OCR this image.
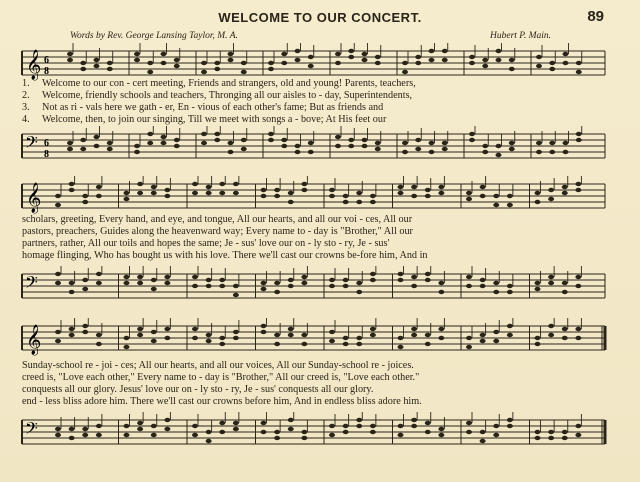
WELCOME TO OUR CONCERT.	89
Words by Rev. George Lansing Taylor, M. A.	Hubert P. Main.
𝄞 6
8
1. Welcome to our con - cert meeting, Friends and strangers, old and young! Parents, teachers,
2. Welcome, friendly schools and teachers, Thronging all our aisles to - day, Superintendents,
3. Not as ri - vals here we gath - er, En - vious of each other's fame; But as friends and
4. Welcome, then, to join our singing, Till we meet with songs a - bove; At His feet our
𝄢 6
8
𝄞
scholars, greeting, Every hand, and eye, and tongue, All our hearts, and all our voi - ces, All our
pastors, preachers, Guides along the heavenward way; Every name to - day is "Brother," All our
partners, rather, All our toils and hopes the same; Je - sus' love our on - ly sto - ry, Je - sus'
homage flinging, Who has bought us with his love. There we'll cast our crowns be-fore him, And in
𝄢
𝄞
Sunday-school re - joi - ces; All our hearts, and all our voices, All our Sunday-school re - joices.
creed is, "Love each other," Every name to - day is "Brother," All our creed is, "Love each other."
conquests all our glory. Jesus' love our on - ly sto - ry, Je - sus' conquests all our glory.
end - less bliss adore him. There we'll cast our crowns before him, And in endless bliss adore him.
𝄢
